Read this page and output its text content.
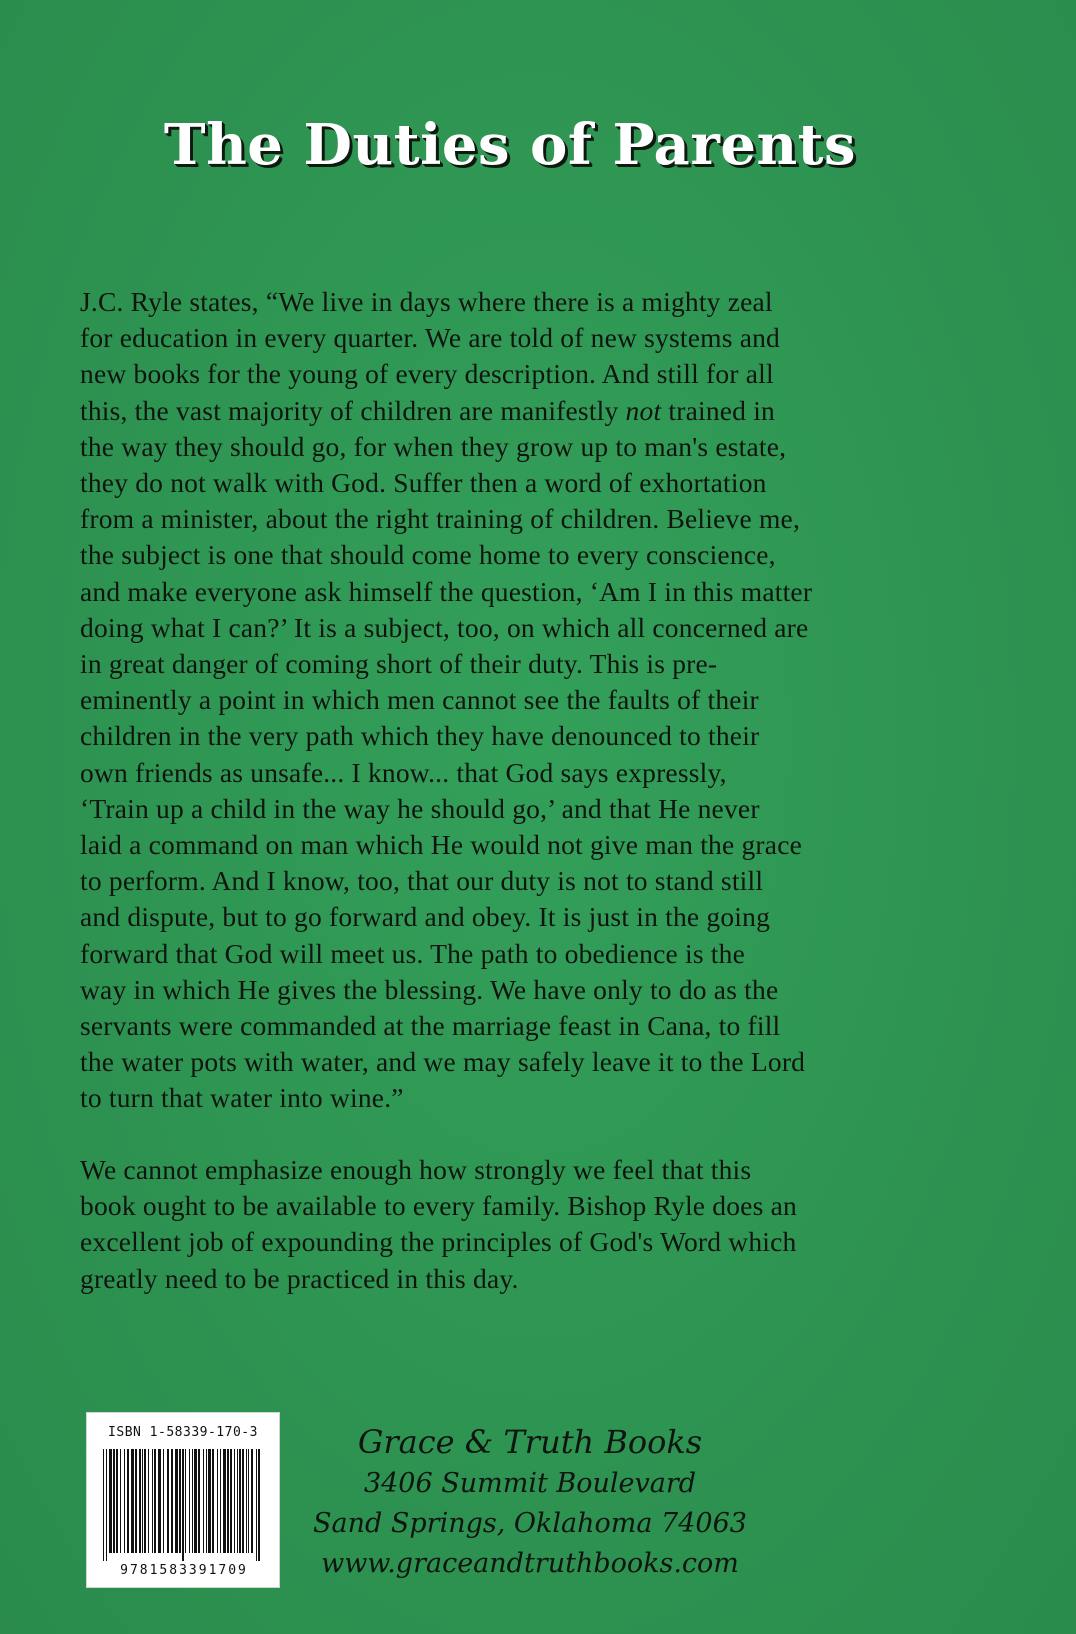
The Duties of Parents
J.C. Ryle states, “We live in days where there is a mighty zeal
for education in every quarter. We are told of new systems and
new books for the young of every description. And still for all
this, the vast majority of children are manifestly not trained in
the way they should go, for when they grow up to man's estate,
they do not walk with God. Suffer then a word of exhortation
from a minister, about the right training of children. Believe me,
the subject is one that should come home to every conscience,
and make everyone ask himself the question, ‘Am I in this matter
doing what I can?’ It is a subject, too, on which all concerned are
in great danger of coming short of their duty. This is pre-
eminently a point in which men cannot see the faults of their
children in the very path which they have denounced to their
own friends as unsafe... I know... that God says expressly,
‘Train up a child in the way he should go,’ and that He never
laid a command on man which He would not give man the grace
to perform. And I know, too, that our duty is not to stand still
and dispute, but to go forward and obey. It is just in the going
forward that God will meet us. The path to obedience is the
way in which He gives the blessing. We have only to do as the
servants were commanded at the marriage feast in Cana, to fill
the water pots with water, and we may safely leave it to the Lord
to turn that water into wine.”
We cannot emphasize enough how strongly we feel that this
book ought to be available to every family. Bishop Ryle does an
excellent job of expounding the principles of God's Word which
greatly need to be practiced in this day.
ISBN 1-58339-170-3
9781583391709
Grace & Truth Books
3406 Summit Boulevard
Sand Springs, Oklahoma 74063
www.graceandtruthbooks.com
